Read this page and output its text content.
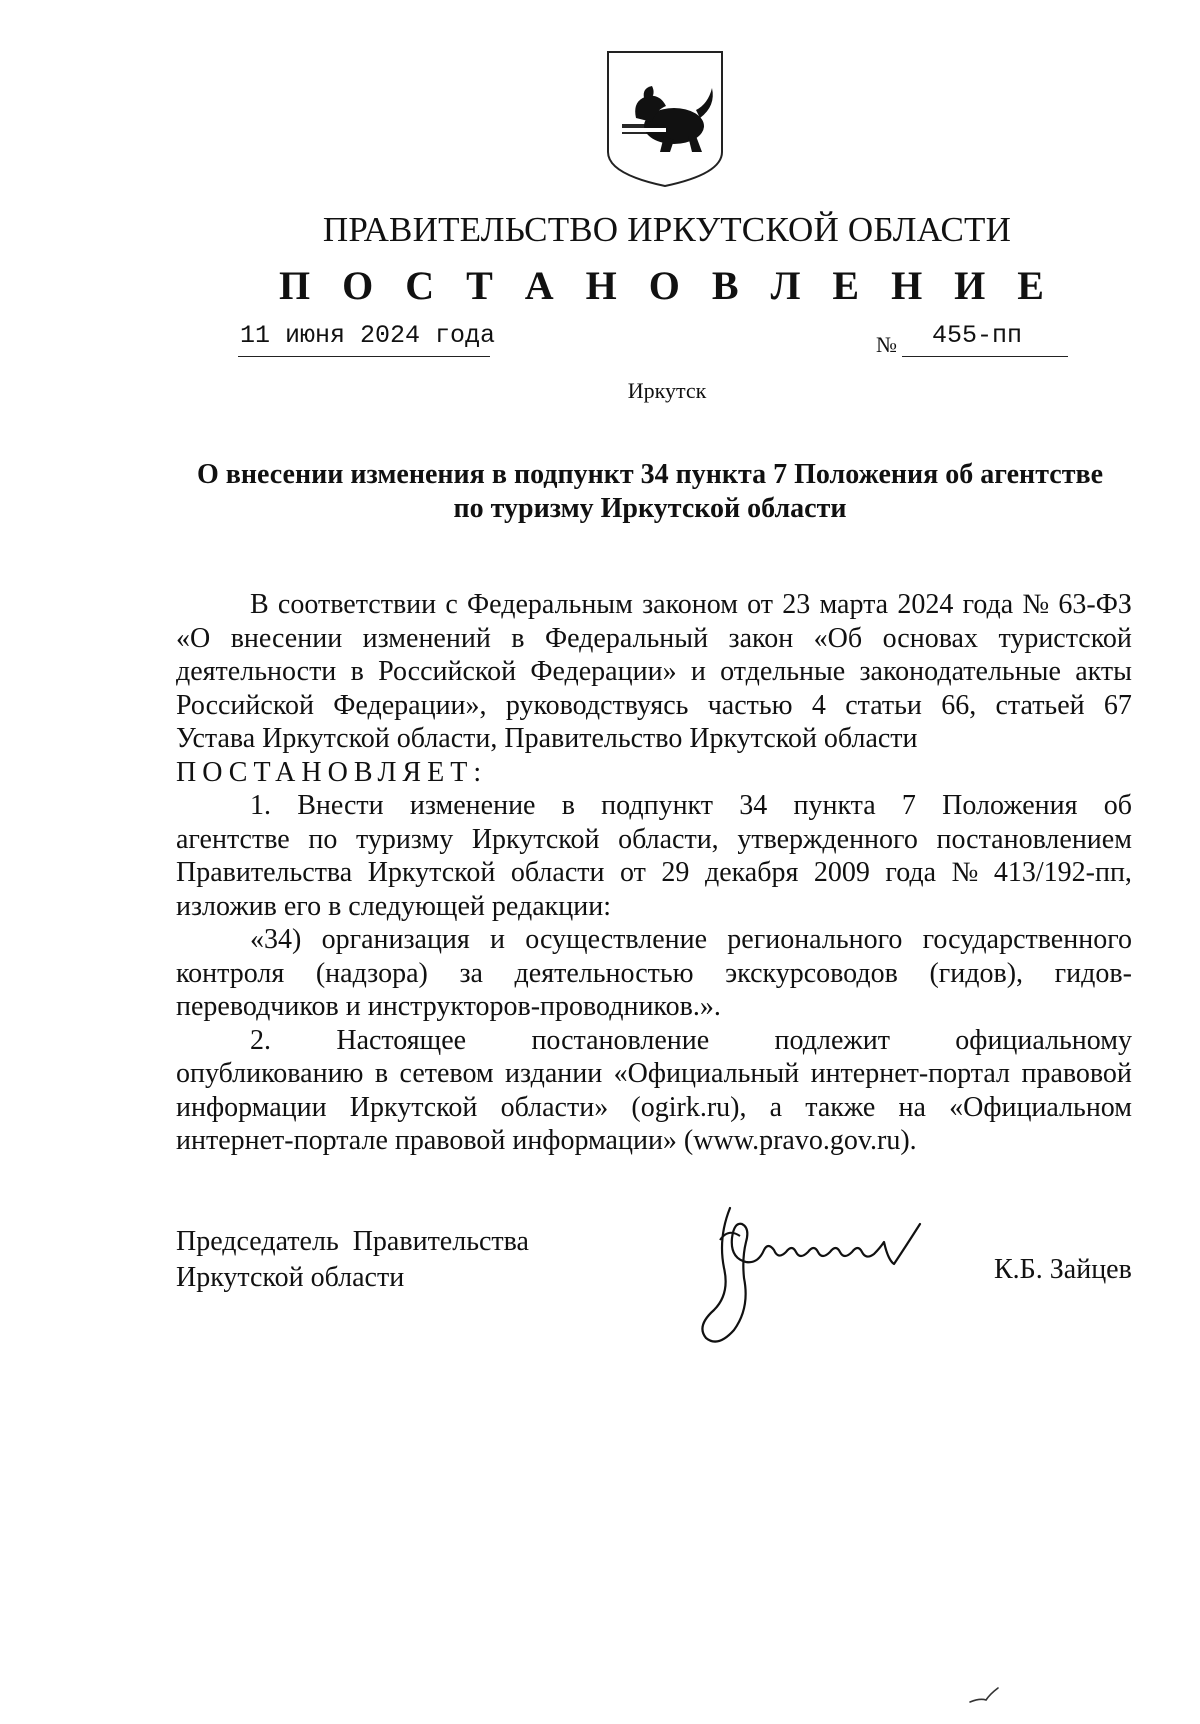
ПРАВИТЕЛЬСТВО ИРКУТСКОЙ ОБЛАСТИ
П О С Т А Н О В Л Е Н И Е
11 июня 2024 года	№ 455-пп
Иркутск
О внесении изменения в подпункт 34 пункта 7 Положения об агентстве
по туризму Иркутской области
В соответствии с Федеральным законом от 23 марта 2024 года № 63-ФЗ
«О внесении изменений в Федеральный закон «Об основах туристской
деятельности в Российской Федерации» и отдельные законодательные акты
Российской Федерации», руководствуясь частью 4 статьи 66, статьей 67
Устава Иркутской области, Правительство Иркутской области
ПОСТАНОВЛЯЕТ:
1. Внести изменение в подпункт 34 пункта 7 Положения об
агентстве по туризму Иркутской области, утвержденного постановлением
Правительства Иркутской области от 29 декабря 2009 года № 413/192-пп,
изложив его в следующей редакции:
«34) организация и осуществление регионального государственного
контроля (надзора) за деятельностью экскурсоводов (гидов), гидов-
переводчиков и инструкторов-проводников.».
2. Настоящее постановление подлежит официальному
опубликованию в сетевом издании «Официальный интернет-портал правовой
информации Иркутской области» (ogirk.ru), а также на «Официальном
интернет-портале правовой информации» (www.pravo.gov.ru).
Председатель  Правительства
Иркутской области	К.Б. Зайцев
